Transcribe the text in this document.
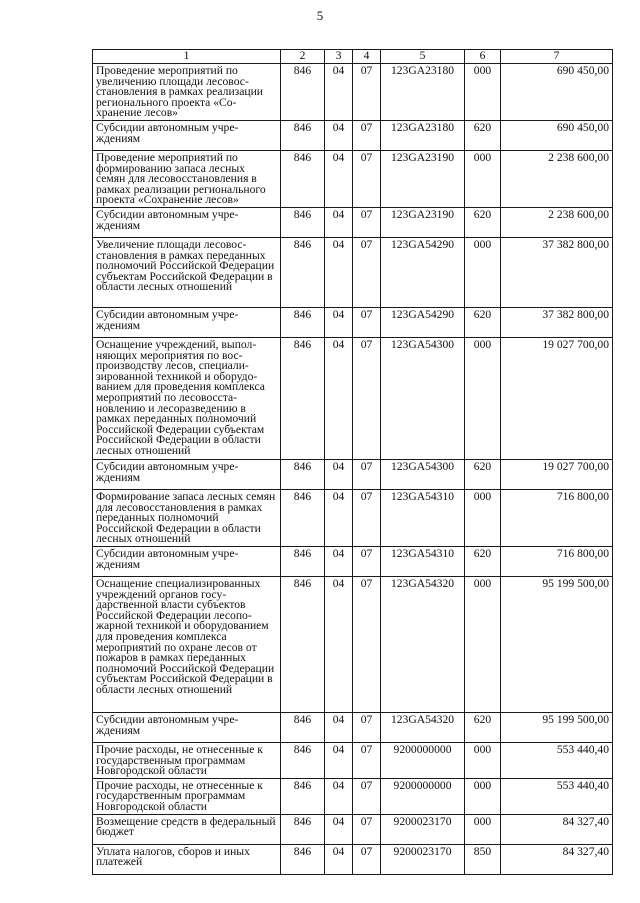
5
1	2	3	4	5	6	7
Проведение мероприятий по увеличению площади лесовосстановления в рамках реализации регионального проекта «Сохранение лесов»	846	04	07	123GA23180	000	690 450,00
Субсидии автономным учреждениям	846	04	07	123GA23180	620	690 450,00
Проведение мероприятий по формированию запаса лесных семян для лесовосстановления в рамках реализации регионального проекта «Сохранение лесов»	846	04	07	123GA23190	000	2 238 600,00
Субсидии автономным учреждениям	846	04	07	123GA23190	620	2 238 600,00
Увеличение площади лесовосстановления в рамках переданных полномочий Российской Федерации субъектам Российской Федерации в области лесных отношений	846	04	07	123GA54290	000	37 382 800,00
Субсидии автономным учреждениям	846	04	07	123GA54290	620	37 382 800,00
Оснащение учреждений, выполняющих мероприятия по воспроизводству лесов, специализированной техникой и оборудованием для проведения комплекса мероприятий по лесовосстановлению и лесоразведению в рамках переданных полномочий Российской Федерации субъектам Российской Федерации в области лесных отношений	846	04	07	123GA54300	000	19 027 700,00
Субсидии автономным учреждениям	846	04	07	123GA54300	620	19 027 700,00
Формирование запаса лесных семян для лесовосстановления в рамках переданных полномочий Российской Федерации в области лесных отношений	846	04	07	123GA54310	000	716 800,00
Субсидии автономным учреждениям	846	04	07	123GA54310	620	716 800,00
Оснащение специализированных учреждений органов государственной власти субъектов Российской Федерации лесопожарной техникой и оборудованием для проведения комплекса мероприятий по охране лесов от пожаров в рамках переданных полномочий Российской Федерации субъектам Российской Федерации в области лесных отношений	846	04	07	123GA54320	000	95 199 500,00
Субсидии автономным учреждениям	846	04	07	123GA54320	620	95 199 500,00
Прочие расходы, не отнесенные к государственным программам Новгородской области	846	04	07	9200000000	000	553 440,40
Прочие расходы, не отнесенные к государственным программам Новгородской области	846	04	07	9200000000	000	553 440,40
Возмещение средств в федеральный бюджет	846	04	07	9200023170	000	84 327,40
Уплата налогов, сборов и иных платежей	846	04	07	9200023170	850	84 327,40
